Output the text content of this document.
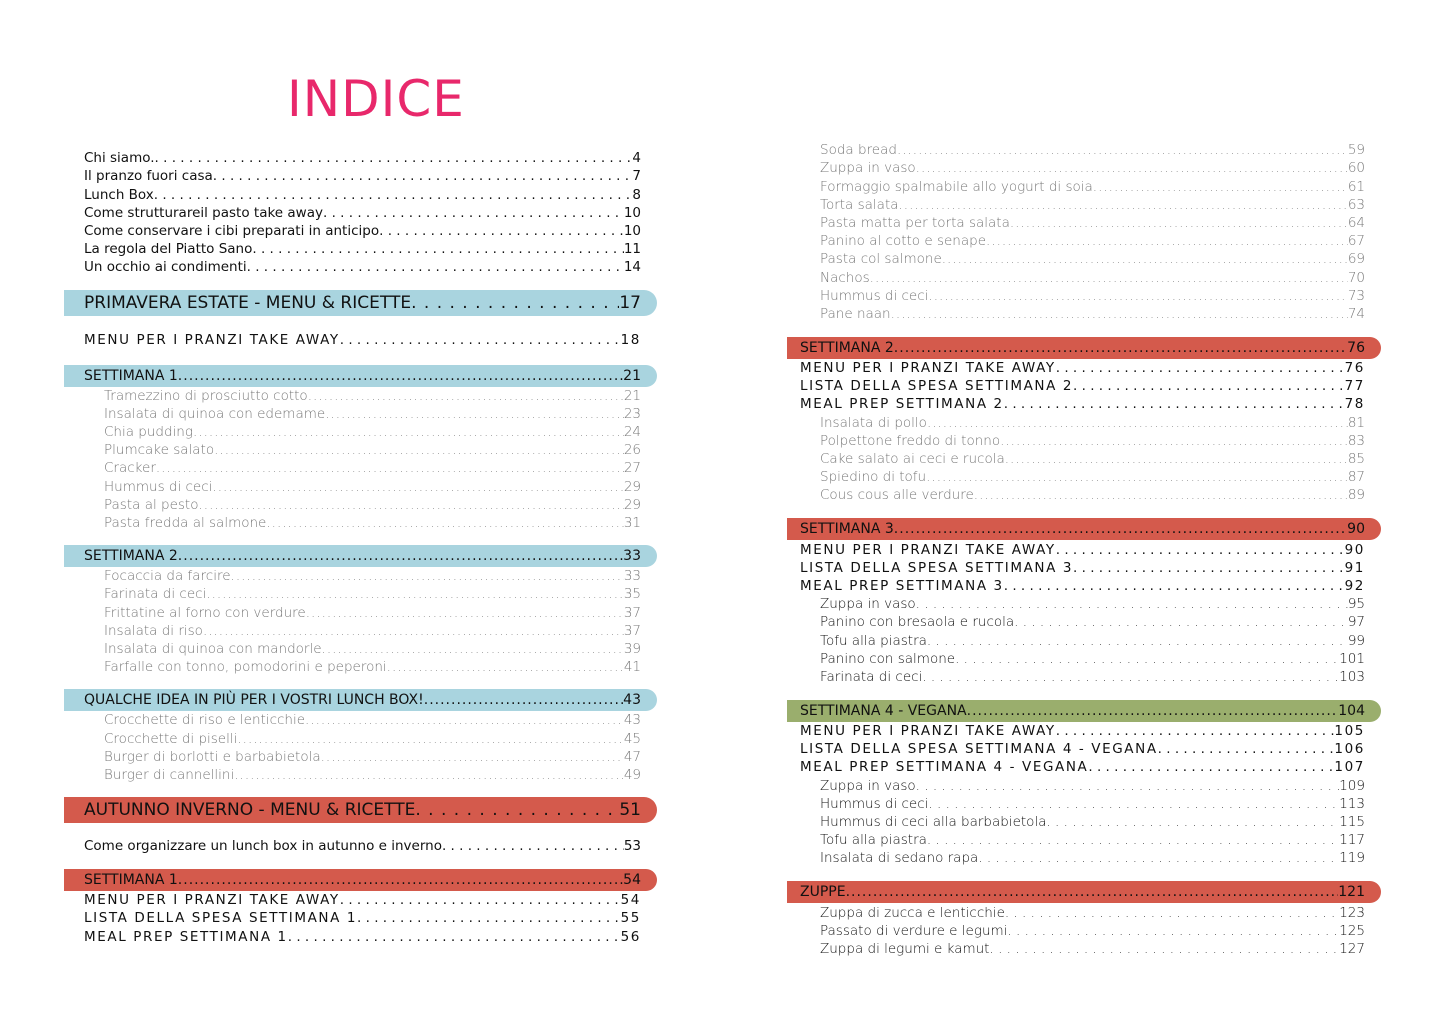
INDICE
Chi siamo. . . .	4
Il pranzo fuori casa . . .	7
Lunch Box . . .	8
Come strutturareil pasto take away . . .	10
Come conservare i cibi preparati in anticipo . . .	10
La regola del Piatto Sano . . .	11
Un occhio ai condimenti . . .	14
PRIMAVERA ESTATE - MENU & RICETTE . . .	17
MENU PER I PRANZI TAKE AWAY . . .	18
SETTIMANA 1 .....	21
Tramezzino di prosciutto cotto .....	21
Insalata di quinoa con edemame .....	23
Chia pudding .....	24
Plumcake salato .....	26
Cracker .....	27
Hummus di ceci .....	29
Pasta al pesto .....	29
Pasta fredda al salmone .....	31
SETTIMANA 2 .....	33
Focaccia da farcire .....	33
Farinata di ceci .....	35
Frittatine al forno con verdure .....	37
Insalata di riso .....	37
Insalata di quinoa con mandorle .....	39
Farfalle con tonno, pomodorini e peperoni .....	41
QUALCHE IDEA IN PIÙ PER I VOSTRI LUNCH BOX! .....	43
Crocchette di riso e lenticchie .....	43
Crocchette di piselli .....	45
Burger di borlotti e barbabietola .....	47
Burger di cannellini .....	49
AUTUNNO INVERNO - MENU & RICETTE . . .	51
Come organizzare un lunch box in autunno e inverno . . .	53
SETTIMANA 1 .....	54
MENU PER I PRANZI TAKE AWAY . . .	54
LISTA DELLA SPESA SETTIMANA 1 . . .	55
MEAL PREP SETTIMANA 1 . . .	56
Soda bread .....	59
Zuppa in vaso .....	60
Formaggio spalmabile allo yogurt di soia .....	61
Torta salata .....	63
Pasta matta per torta salata .....	64
Panino al cotto e senape .....	67
Pasta col salmone .....	69
Nachos .....	70
Hummus di ceci .....	73
Pane naan .....	74
SETTIMANA 2 .....	76
MENU PER I PRANZI TAKE AWAY . . .	76
LISTA DELLA SPESA SETTIMANA 2 . . .	77
MEAL PREP SETTIMANA 2 . . .	78
Insalata di pollo .....	81
Polpettone freddo di tonno .....	83
Cake salato ai ceci e rucola .....	85
Spiedino di tofu .....	87
Cous cous alle verdure .....	89
SETTIMANA 3 .....	90
MENU PER I PRANZI TAKE AWAY . . .	90
LISTA DELLA SPESA SETTIMANA 3 . . .	91
MEAL PREP SETTIMANA 3 . . .	92
Zuppa in vaso . . .	95
Panino con bresaola e rucola . . .	97
Tofu alla piastra . . .	99
Panino con salmone . . .	101
Farinata di ceci . . .	103
SETTIMANA 4 - VEGANA .....	104
MENU PER I PRANZI TAKE AWAY . . .	105
LISTA DELLA SPESA SETTIMANA 4 - VEGANA . . .	106
MEAL PREP SETTIMANA 4 - VEGANA . . .	107
Zuppa in vaso . . .	109
Hummus di ceci . . .	113
Hummus di ceci alla barbabietola . . .	115
Tofu alla piastra . . .	117
Insalata di sedano rapa . . .	119
ZUPPE .....	121
Zuppa di zucca e lenticchie . . .	123
Passato di verdure e legumi . . .	125
Zuppa di legumi e kamut . . .	127
